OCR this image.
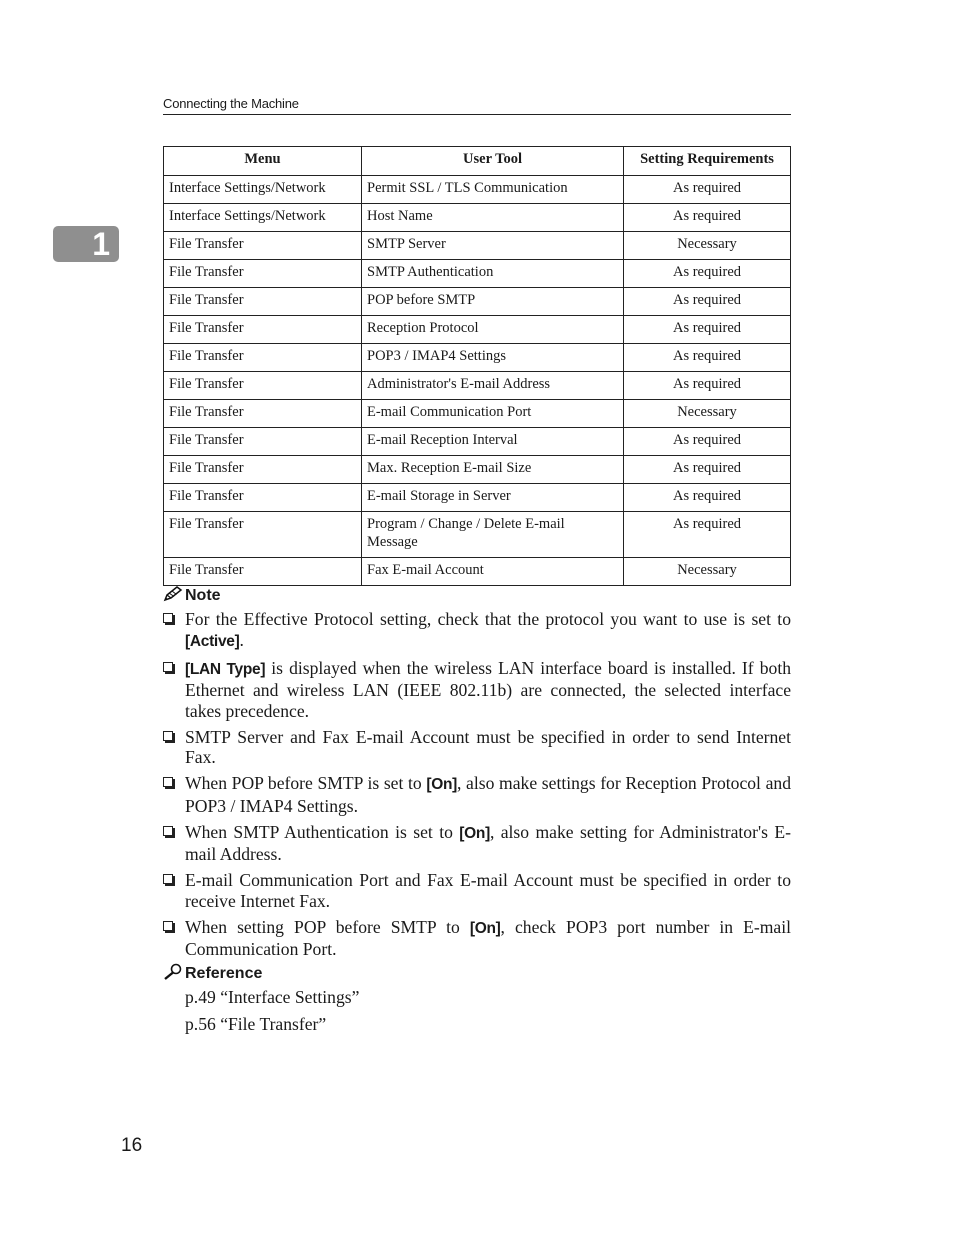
Connecting the Machine
1
Menu	User Tool	Setting Requirements
Interface Settings/Network	Permit SSL / TLS Communication	As required
Interface Settings/Network	Host Name	As required
File Transfer	SMTP Server	Necessary
File Transfer	SMTP Authentication	As required
File Transfer	POP before SMTP	As required
File Transfer	Reception Protocol	As required
File Transfer	POP3 / IMAP4 Settings	As required
File Transfer	Administrator's E-mail Address	As required
File Transfer	E-mail Communication Port	Necessary
File Transfer	E-mail Reception Interval	As required
File Transfer	Max. Reception E-mail Size	As required
File Transfer	E-mail Storage in Server	As required
File Transfer	Program / Change / Delete E-mail Message	As required
File Transfer	Fax E-mail Account	Necessary
Note
For the Effective Protocol setting, check that the protocol you want to use is set to [Active].
[LAN Type] is displayed when the wireless LAN interface board is installed. If both Ethernet and wireless LAN (IEEE 802.11b) are connected, the selected interface takes precedence.
SMTP Server and Fax E-mail Account must be specified in order to send Internet Fax.
When POP before SMTP is set to [On], also make settings for Reception Protocol and POP3 / IMAP4 Settings.
When SMTP Authentication is set to [On], also make setting for Administrator's E-mail Address.
E-mail Communication Port and Fax E-mail Account must be specified in order to receive Internet Fax.
When setting POP before SMTP to [On], check POP3 port number in E-mail Communication Port.
Reference
p.49 “Interface Settings”
p.56 “File Transfer”
16
